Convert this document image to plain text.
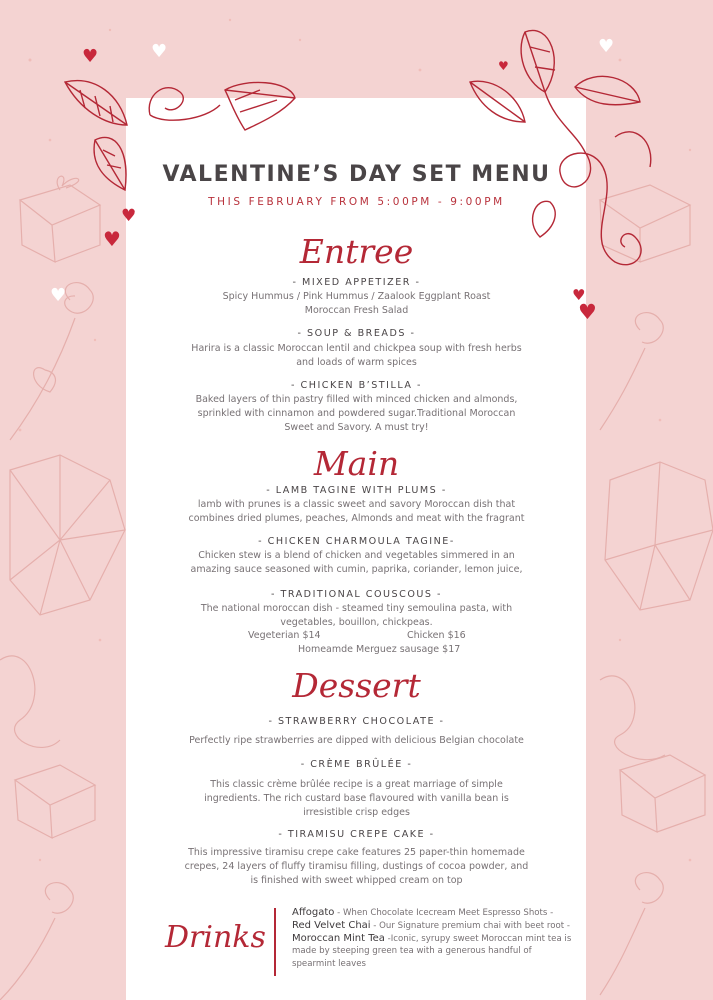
♥	♥
♥
♥
♥
♥
♥
♥
♥
VALENTINE’S DAY SET MENU
THIS FEBRUARY FROM 5:00PM - 9:00PM
Entree
- MIXED APPETIZER -
Spicy Hummus / Pink Hummus / Zaalook Eggplant Roast
Moroccan Fresh Salad
- SOUP & BREADS -
Harira is a classic Moroccan lentil and chickpea soup with fresh herbs
and loads of warm spices
- CHICKEN B’STILLA -
Baked layers of thin pastry filled with minced chicken and almonds,
sprinkled with cinnamon and powdered sugar.Traditional Moroccan
Sweet and Savory. A must try!
Main
- LAMB TAGINE WITH PLUMS -
lamb with prunes is a classic sweet and savory Moroccan dish that
combines dried plumes, peaches, Almonds and meat with the fragrant
- CHICKEN CHARMOULA TAGINE-
Chicken stew is a blend of chicken and vegetables simmered in an
amazing sauce seasoned with cumin, paprika, coriander, lemon juice,
- TRADITIONAL COUSCOUS -
The national moroccan dish - steamed tiny semoulina pasta, with
vegetables, bouillon, chickpeas.
Vegeterian $14	Chicken $16
Homeamde Merguez sausage $17
Dessert
- STRAWBERRY CHOCOLATE -
Perfectly ripe strawberries are dipped with delicious Belgian chocolate
- CRÈME BRÛLÉE -
This classic crème brûlée recipe is a great marriage of simple
ingredients. The rich custard base flavoured with vanilla bean is
irresistible crisp edges
- TIRAMISU CREPE CAKE -
This impressive tiramisu crepe cake features 25 paper-thin homemade
crepes, 24 layers of fluffy tiramisu filling, dustings of cocoa powder, and
is finished with sweet whipped cream on top
Drinks
Affogato - When Chocolate Icecream Meet Espresso Shots -
Red Velvet Chai - Our Signature premium chai with beet root -
Moroccan Mint Tea -Iconic, syrupy sweet Moroccan mint tea is made by steeping green tea with a generous handful of spearmint leaves
